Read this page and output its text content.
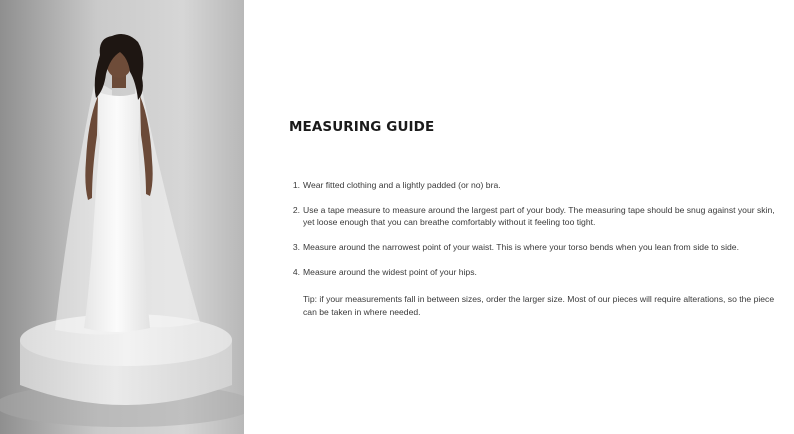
MEASURING GUIDE
1. Wear fitted clothing and a lightly padded (or no) bra.
2. Use a tape measure to measure around the largest part of your body. The measuring tape should be snug against your skin, yet loose enough that you can breathe comfortably without it feeling too tight.
3. Measure around the narrowest point of your waist. This is where your torso bends when you lean from side to side.
4. Measure around the widest point of your hips.

Tip: if your measurements fall in between sizes, order the larger size. Most of our pieces will require alterations, so the piece can be taken in where needed.
